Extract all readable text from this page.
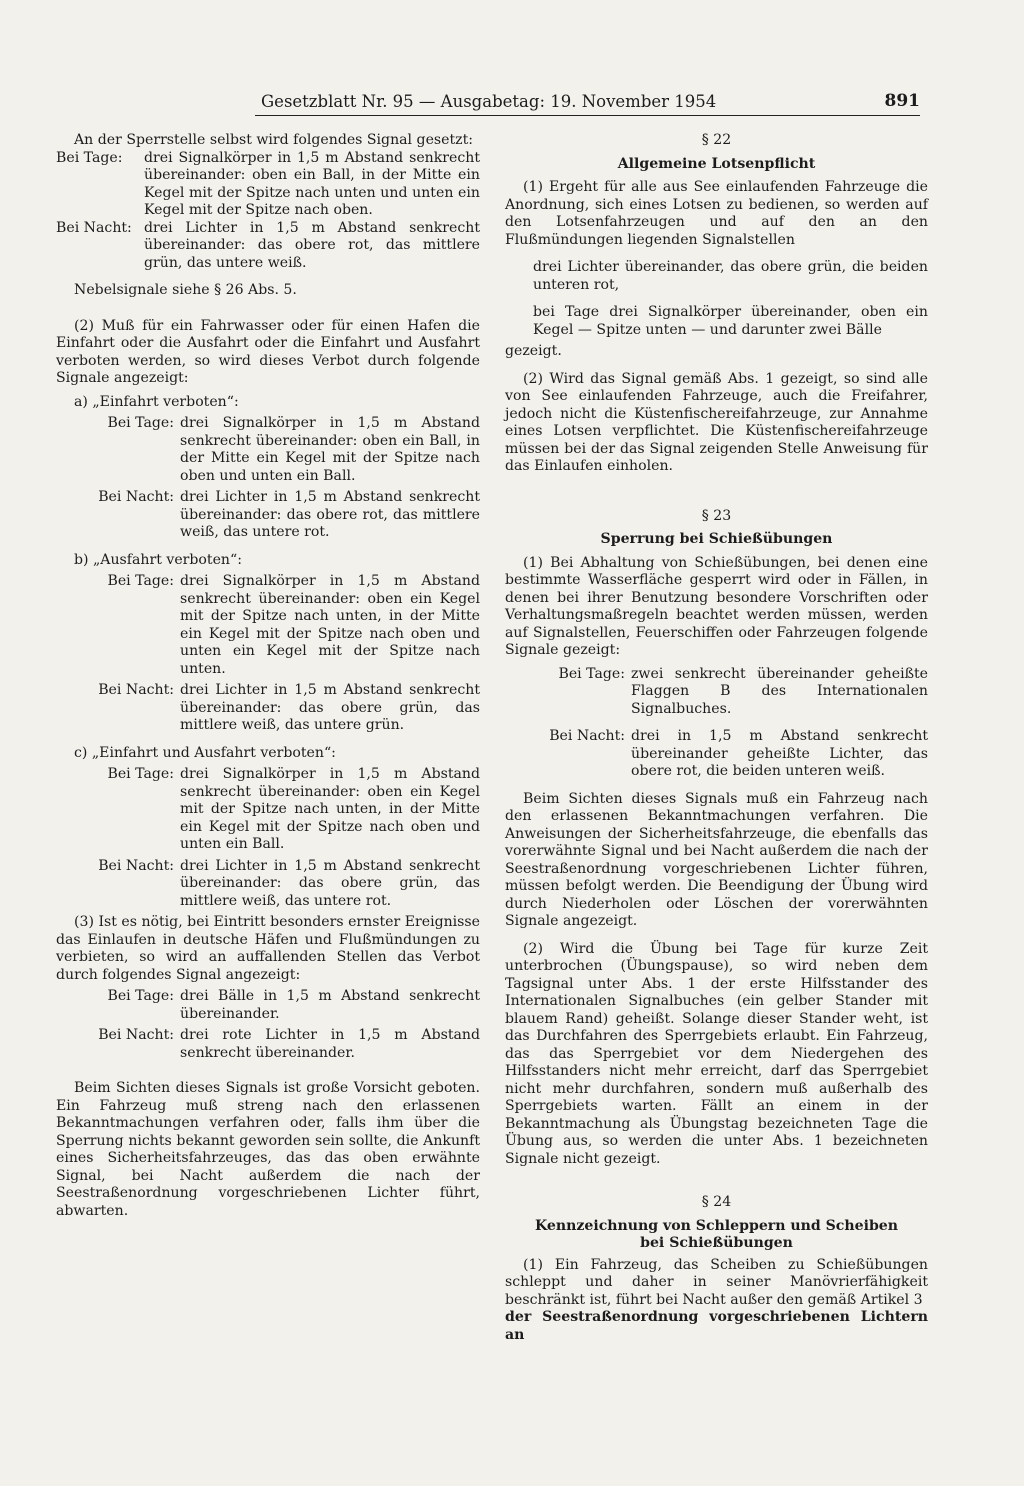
Gesetzblatt Nr. 95 — Ausgabetag: 19. November 1954	891

An der Sperrstelle selbst wird folgendes Signal gesetzt:

Bei Tage:	drei Signalkörper in 1,5 m Abstand senkrecht übereinander: oben ein Ball, in der Mitte ein Kegel mit der Spitze nach unten und unten ein Kegel mit der Spitze nach oben.
Bei Nacht: drei Lichter in 1,5 m Abstand senkrecht übereinander: das obere rot, das mittlere grün, das untere weiß.

Nebelsignale siehe § 26 Abs. 5.

(2) Muß für ein Fahrwasser oder für einen Hafen die Einfahrt oder die Ausfahrt oder die Einfahrt und Ausfahrt verboten werden, so wird dieses Verbot durch folgende Signale angezeigt:

a) „Einfahrt verboten“:

Bei Tage: drei Signalkörper in 1,5 m Abstand senkrecht übereinander: oben ein Ball, in der Mitte ein Kegel mit der Spitze nach oben und unten ein Ball.
Bei Nacht: drei Lichter in 1,5 m Abstand senkrecht übereinander: das obere rot, das mittlere weiß, das untere rot.

b) „Ausfahrt verboten“:

Bei Tage: drei Signalkörper in 1,5 m Abstand senkrecht übereinander: oben ein Kegel mit der Spitze nach unten, in der Mitte ein Kegel mit der Spitze nach oben und unten ein Kegel mit der Spitze nach unten.
Bei Nacht: drei Lichter in 1,5 m Abstand senkrecht übereinander: das obere grün, das mittlere weiß, das untere grün.

c) „Einfahrt und Ausfahrt verboten“:

Bei Tage: drei Signalkörper in 1,5 m Abstand senkrecht übereinander: oben ein Kegel mit der Spitze nach unten, in der Mitte ein Kegel mit der Spitze nach oben und unten ein Ball.
Bei Nacht: drei Lichter in 1,5 m Abstand senkrecht übereinander: das obere grün, das mittlere weiß, das untere rot.

(3) Ist es nötig, bei Eintritt besonders ernster Ereignisse das Einlaufen in deutsche Häfen und Flußmündungen zu verbieten, so wird an auffallenden Stellen das Verbot durch folgendes Signal angezeigt:

Bei Tage: drei Bälle in 1,5 m Abstand senkrecht übereinander.
Bei Nacht: drei rote Lichter in 1,5 m Abstand senkrecht übereinander.

Beim Sichten dieses Signals ist große Vorsicht geboten. Ein Fahrzeug muß streng nach den erlassenen Bekanntmachungen verfahren oder, falls ihm über die Sperrung nichts bekannt geworden sein sollte, die Ankunft eines Sicherheitsfahrzeuges, das das oben erwähnte Signal, bei Nacht außerdem die nach der Seestraßenordnung vorgeschriebenen Lichter führt, abwarten.

§ 22

Allgemeine Lotsenpflicht

(1) Ergeht für alle aus See einlaufenden Fahrzeuge die Anordnung, sich eines Lotsen zu bedienen, so werden auf den Lotsenfahrzeugen und auf den an den Flußmündungen liegenden Signalstellen

drei Lichter übereinander, das obere grün, die beiden unteren rot,

bei Tage drei Signalkörper übereinander, oben ein Kegel — Spitze unten — und darunter zwei Bälle

gezeigt.

(2) Wird das Signal gemäß Abs. 1 gezeigt, so sind alle von See einlaufenden Fahrzeuge, auch die Freifahrer, jedoch nicht die Küstenfischereifahrzeuge, zur Annahme eines Lotsen verpflichtet. Die Küstenfischereifahrzeuge müssen bei der das Signal zeigenden Stelle Anweisung für das Einlaufen einholen.

§ 23

Sperrung bei Schießübungen

(1) Bei Abhaltung von Schießübungen, bei denen eine bestimmte Wasserfläche gesperrt wird oder in Fällen, in denen bei ihrer Benutzung besondere Vorschriften oder Verhaltungsmaßregeln beachtet werden müssen, werden auf Signalstellen, Feuerschiffen oder Fahrzeugen folgende Signale gezeigt:

Bei Tage: zwei senkrecht übereinander geheißte Flaggen B des Internationalen Signalbuches.
Bei Nacht: drei in 1,5 m Abstand senkrecht übereinander geheißte Lichter, das obere rot, die beiden unteren weiß.

Beim Sichten dieses Signals muß ein Fahrzeug nach den erlassenen Bekanntmachungen verfahren. Die Anweisungen der Sicherheitsfahrzeuge, die ebenfalls das vorerwähnte Signal und bei Nacht außerdem die nach der Seestraßenordnung vorgeschriebenen Lichter führen, müssen befolgt werden. Die Beendigung der Übung wird durch Niederholen oder Löschen der vorerwähnten Signale angezeigt.

(2) Wird die Übung bei Tage für kurze Zeit unterbrochen (Übungspause), so wird neben dem Tagsignal unter Abs. 1 der erste Hilfsstander des Internationalen Signalbuches (ein gelber Stander mit blauem Rand) geheißt. Solange dieser Stander weht, ist das Durchfahren des Sperrgebiets erlaubt. Ein Fahrzeug, das das Sperrgebiet vor dem Niedergehen des Hilfsstanders nicht mehr erreicht, darf das Sperrgebiet nicht mehr durchfahren, sondern muß außerhalb des Sperrgebiets warten. Fällt an einem in der Bekanntmachung als Übungstag bezeichneten Tage die Übung aus, so werden die unter Abs. 1 bezeichneten Signale nicht gezeigt.

§ 24

Kennzeichnung von Schleppern und Scheiben

bei Schießübungen

(1) Ein Fahrzeug, das Scheiben zu Schießübungen schleppt und daher in seiner Manövrierfähigkeit beschränkt ist, führt bei Nacht außer den gemäß Artikel 3

der Seestraßenordnung vorgeschriebenen Lichtern an
